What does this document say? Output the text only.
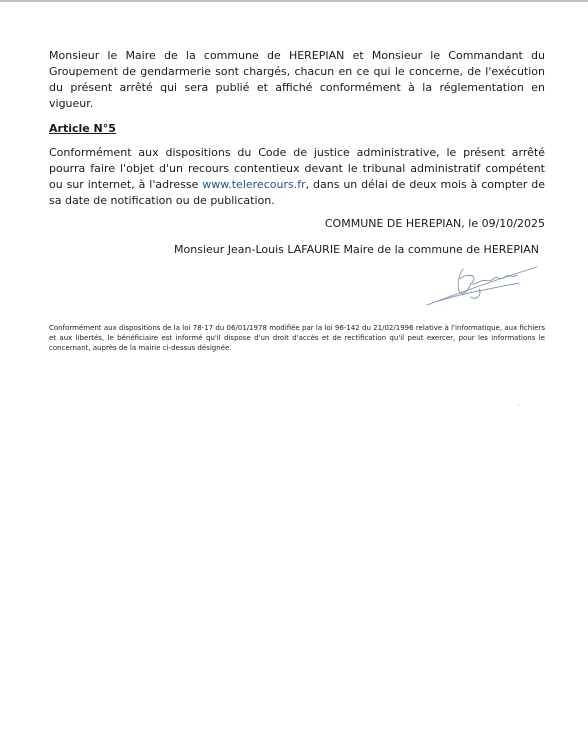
Monsieur le Maire de la commune de HEREPIAN et Monsieur le Commandant du Groupement de gendarmerie sont chargés, chacun en ce qui le concerne, de l'exécution du présent arrêté qui sera publié et affiché conformément à la réglementation en vigueur.

Article N°5

Conformément aux dispositions du Code de justice administrative, le présent arrêté pourra faire l'objet d'un recours contentieux devant le tribunal administratif compétent ou sur internet, à l'adresse www.telerecours.fr, dans un délai de deux mois à compter de sa date de notification ou de publication.

COMMUNE DE HEREPIAN, le 09/10/2025
Monsieur Jean-Louis LAFAURIE Maire de la commune de HEREPIAN
Conformément aux dispositions de la loi 78-17 du 06/01/1978 modifiée par la loi 96-142 du 21/02/1996 relative à l'informatique, aux fichiers et aux libertés, le bénéficiaire est informé qu'il dispose d'un droit d'accès et de rectification qu'il peut exercer, pour les informations le concernant, auprès de la mairie ci-dessus désignée.
